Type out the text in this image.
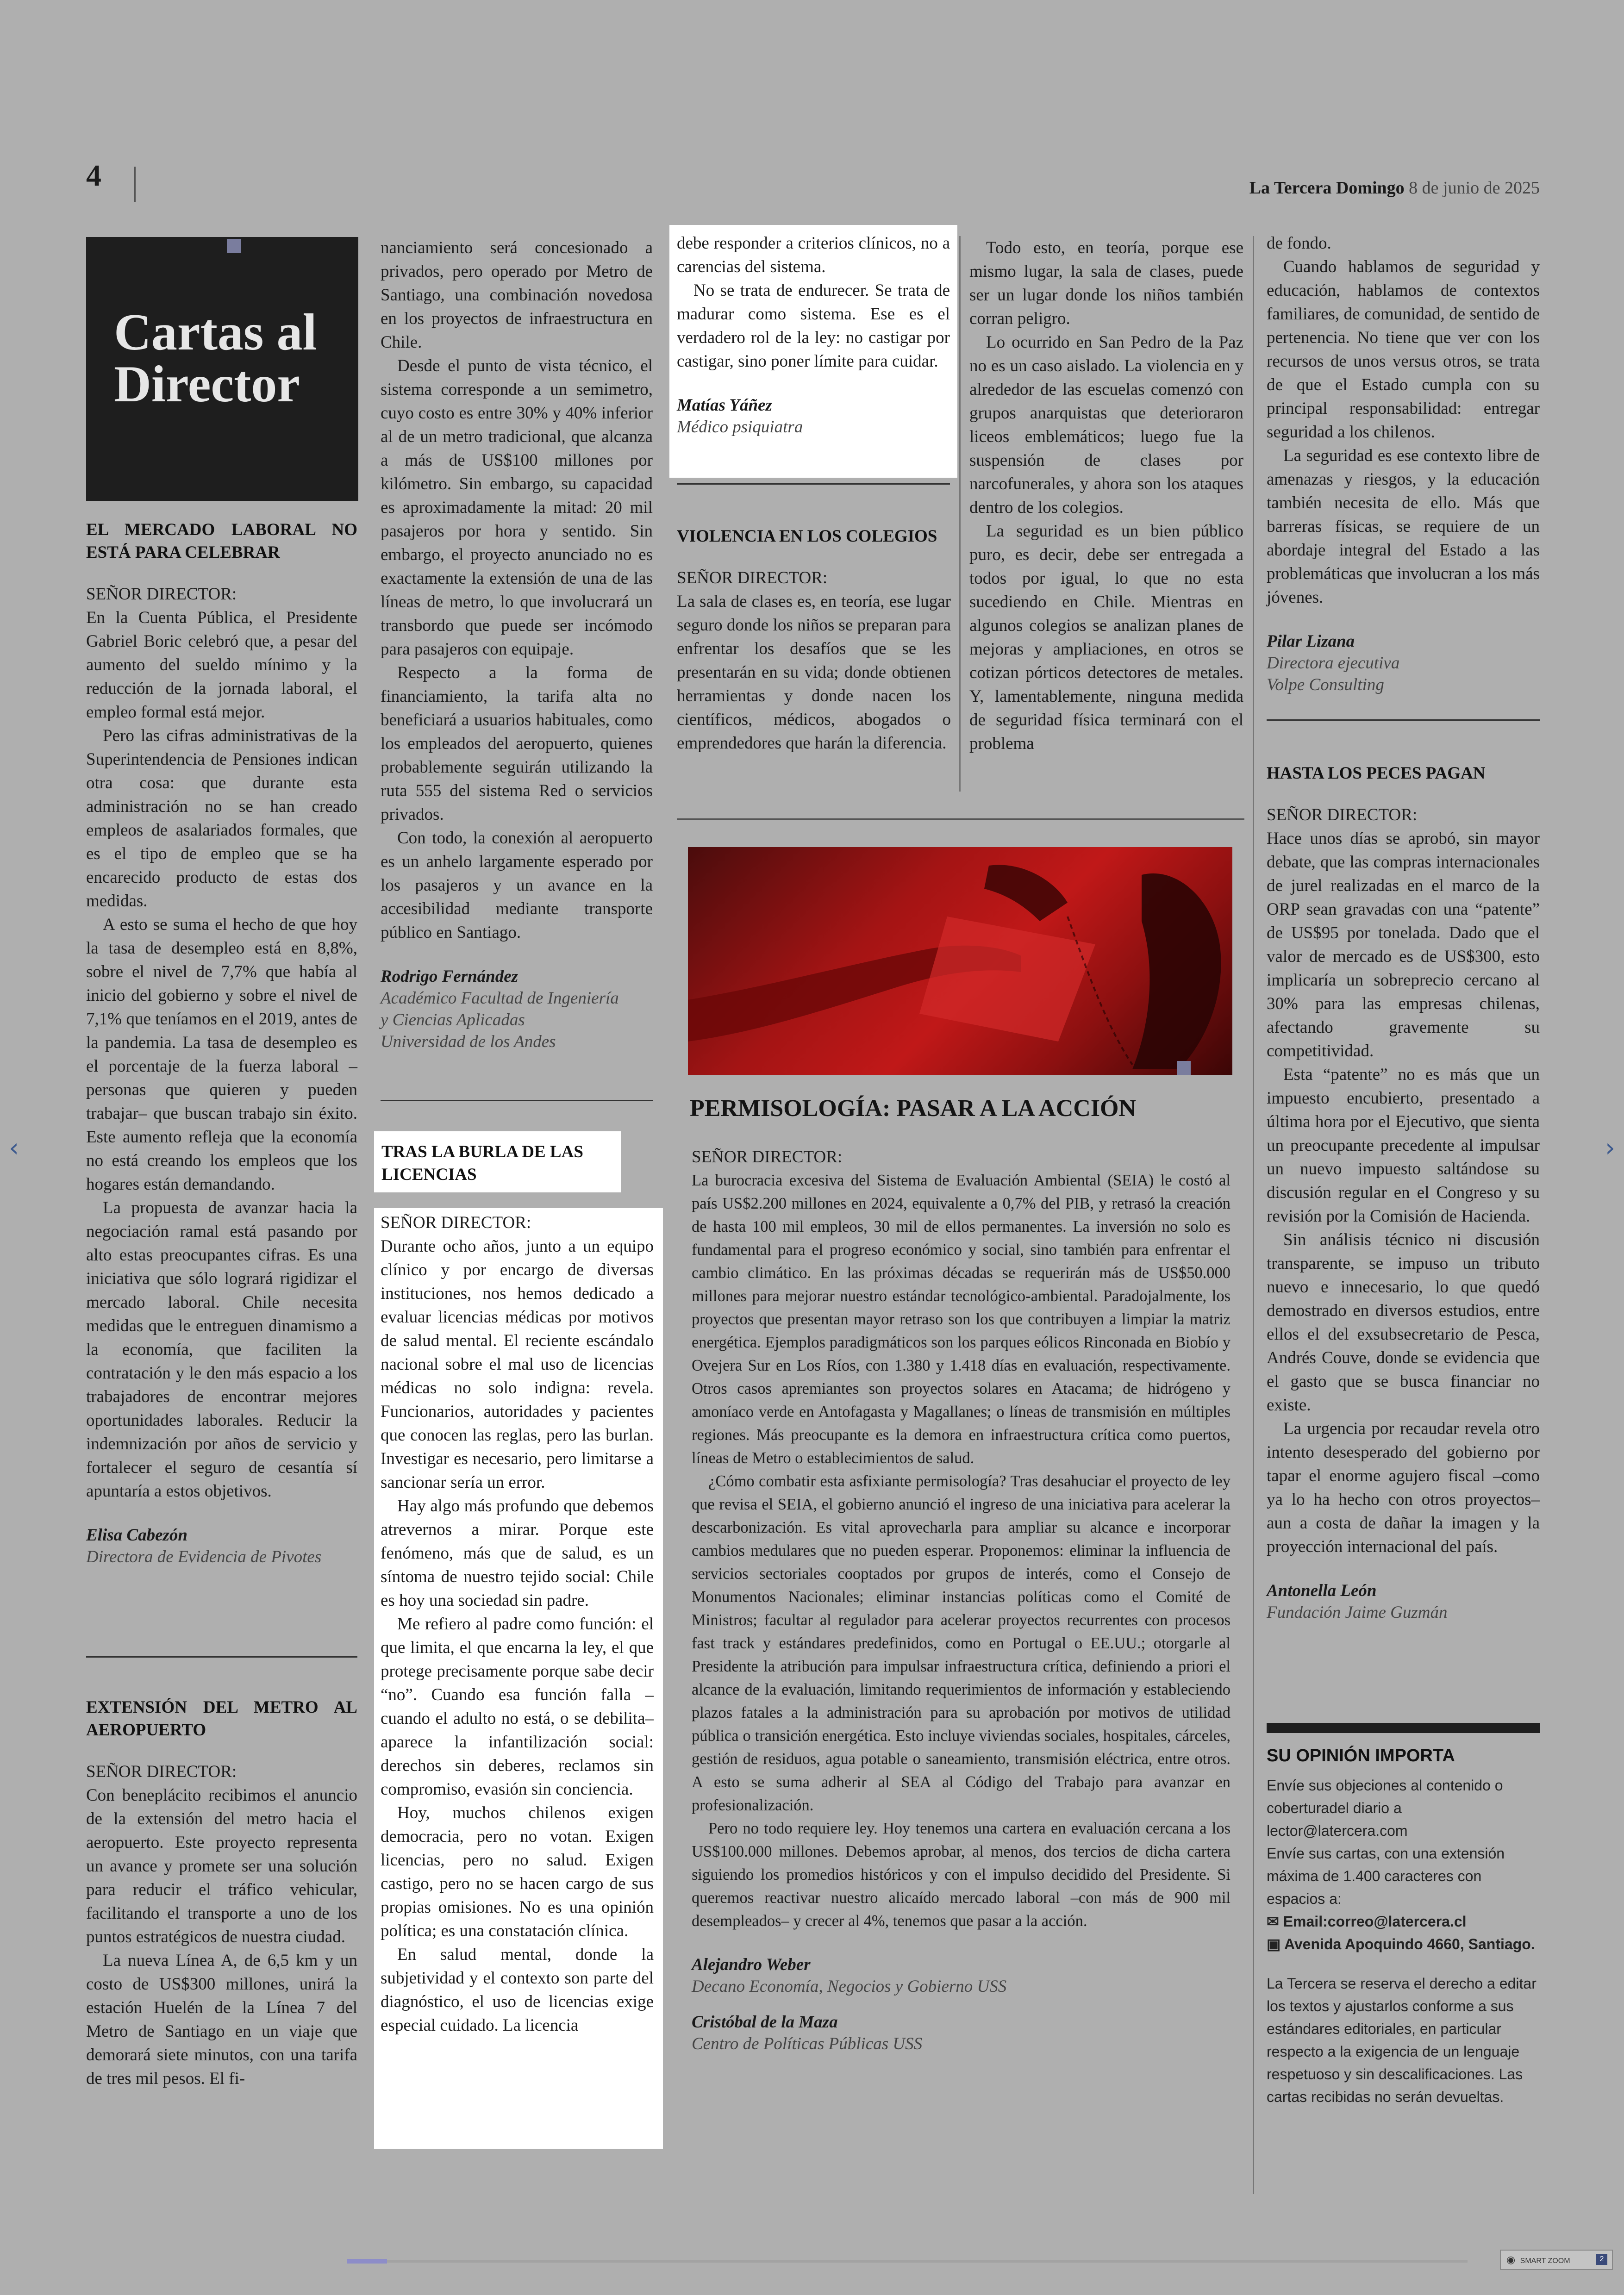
4	La Tercera Domingo 8 de junio de 2025
Cartas al Director
EL MERCADO LABORAL NO ESTÁ PARA CELEBRAR
SEÑOR DIRECTOR:

En la Cuenta Pública, el Presidente Gabriel Boric celebró que, a pesar del aumento del sueldo mínimo y la reducción de la jornada laboral, el empleo formal está mejor.

Pero las cifras administrativas de la Superintendencia de Pensiones indican otra cosa: que durante esta administración no se han creado empleos de asalariados formales, que es el tipo de empleo que se ha encarecido producto de estas dos medidas.

A esto se suma el hecho de que hoy la tasa de desempleo está en 8,8%, sobre el nivel de 7,7% que había al inicio del gobierno y sobre el nivel de 7,1% que teníamos en el 2019, antes de la pandemia. La tasa de desempleo es el porcentaje de la fuerza laboral –personas que quieren y pueden trabajar– que buscan trabajo sin éxito. Este aumento refleja que la economía no está creando los empleos que los hogares están demandando.

La propuesta de avanzar hacia la negociación ramal está pasando por alto estas preocupantes cifras. Es una iniciativa que sólo logrará rigidizar el mercado laboral. Chile necesita medidas que le entreguen dinamismo a la economía, que faciliten la contratación y le den más espacio a los trabajadores de encontrar mejores oportunidades laborales. Reducir la indemnización por años de servicio y fortalecer el seguro de cesantía sí apuntaría a estos objetivos.

Elisa Cabezón
Directora de Evidencia de Pivotes
EXTENSIÓN DEL METRO AL AEROPUERTO
SEÑOR DIRECTOR:

Con beneplácito recibimos el anuncio de la extensión del metro hacia el aeropuerto. Este proyecto representa un avance y promete ser una solución para reducir el tráfico vehicular, facilitando el transporte a uno de los puntos estratégicos de nuestra ciudad.

La nueva Línea A, de 6,5 km y un costo de US$300 millones, unirá la estación Huelén de la Línea 7 del Metro de Santiago en un viaje que demorará siete minutos, con una tarifa de tres mil pesos. El fi-

nanciamiento será concesionado a privados, pero operado por Metro de Santiago, una combinación novedosa en los proyectos de infraestructura en Chile.

Desde el punto de vista técnico, el sistema corresponde a un semimetro, cuyo costo es entre 30% y 40% inferior al de un metro tradicional, que alcanza a más de US$100 millones por kilómetro. Sin embargo, su capacidad es aproximadamente la mitad: 20 mil pasajeros por hora y sentido. Sin embargo, el proyecto anunciado no es exactamente la extensión de una de las líneas de metro, lo que involucrará un transbordo que puede ser incómodo para pasajeros con equipaje.

Respecto a la forma de financiamiento, la tarifa alta no beneficiará a usuarios habituales, como los empleados del aeropuerto, quienes probablemente seguirán utilizando la ruta 555 del sistema Red o servicios privados.

Con todo, la conexión al aeropuerto es un anhelo largamente esperado por los pasajeros y un avance en la accesibilidad mediante transporte público en Santiago.

Rodrigo Fernández
Académico Facultad de Ingeniería
y Ciencias Aplicadas
Universidad de los Andes
TRAS LA BURLA DE LAS LICENCIAS
SEÑOR DIRECTOR:

Durante ocho años, junto a un equipo clínico y por encargo de diversas instituciones, nos hemos dedicado a evaluar licencias médicas por motivos de salud mental. El reciente escándalo nacional sobre el mal uso de licencias médicas no solo indigna: revela. Funcionarios, autoridades y pacientes que conocen las reglas, pero las burlan. Investigar es necesario, pero limitarse a sancionar sería un error.

Hay algo más profundo que debemos atrevernos a mirar. Porque este fenómeno, más que de salud, es un síntoma de nuestro tejido social: Chile es hoy una sociedad sin padre.

Me refiero al padre como función: el que limita, el que encarna la ley, el que protege precisamente porque sabe decir “no”. Cuando esa función falla –cuando el adulto no está, o se debilita– aparece la infantilización social: derechos sin deberes, reclamos sin compromiso, evasión sin conciencia.

Hoy, muchos chilenos exigen democracia, pero no votan. Exigen licencias, pero no salud. Exigen castigo, pero no se hacen cargo de sus propias omisiones. No es una opinión política; es una constatación clínica.

En salud mental, donde la subjetividad y el contexto son parte del diagnóstico, el uso de licencias exige especial cuidado. La licencia

debe responder a criterios clínicos, no a carencias del sistema.

No se trata de endurecer. Se trata de madurar como sistema. Ese es el verdadero rol de la ley: no castigar por castigar, sino poner límite para cuidar.

Matías Yáñez
Médico psiquiatra
VIOLENCIA EN LOS COLEGIOS
SEÑOR DIRECTOR:

La sala de clases es, en teoría, ese lugar seguro donde los niños se preparan para enfrentar los desafíos que se les presentarán en su vida; donde obtienen herramientas y donde nacen los científicos, médicos, abogados o emprendedores que harán la diferencia.

Todo esto, en teoría, porque ese mismo lugar, la sala de clases, puede ser un lugar donde los niños también corran peligro.

Lo ocurrido en San Pedro de la Paz no es un caso aislado. La violencia en y alrededor de las escuelas comenzó con grupos anarquistas que deterioraron liceos emblemáticos; luego fue la suspensión de clases por narcofunerales, y ahora son los ataques dentro de los colegios.

La seguridad es un bien público puro, es decir, debe ser entregada a todos por igual, lo que no esta sucediendo en Chile. Mientras en algunos colegios se analizan planes de mejoras y ampliaciones, en otros se cotizan pórticos detectores de metales. Y, lamentablemente, ninguna medida de seguridad física terminará con el problema

PERMISOLOGÍA: PASAR A LA ACCIÓN
SEÑOR DIRECTOR:

La burocracia excesiva del Sistema de Evaluación Ambiental (SEIA) le costó al país US$2.200 millones en 2024, equivalente a 0,7% del PIB, y retrasó la creación de hasta 100 mil empleos, 30 mil de ellos permanentes. La inversión no solo es fundamental para el progreso económico y social, sino también para enfrentar el cambio climático. En las próximas décadas se requerirán más de US$50.000 millones para mejorar nuestro estándar tecnológico-ambiental. Paradojalmente, los proyectos que presentan mayor retraso son los que contribuyen a limpiar la matriz energética. Ejemplos paradigmáticos son los parques eólicos Rinconada en Biobío y Ovejera Sur en Los Ríos, con 1.380 y 1.418 días en evaluación, respectivamente. Otros casos apremiantes son proyectos solares en Atacama; de hidrógeno y amoníaco verde en Antofagasta y Magallanes; o líneas de transmisión en múltiples regiones. Más preocupante es la demora en infraestructura crítica como puertos, líneas de Metro o establecimientos de salud.

¿Cómo combatir esta asfixiante permisología? Tras desahuciar el proyecto de ley que revisa el SEIA, el gobierno anunció el ingreso de una iniciativa para acelerar la descarbonización. Es vital aprovecharla para ampliar su alcance e incorporar cambios medulares que no pueden esperar. Proponemos: eliminar la influencia de servicios sectoriales cooptados por grupos de interés, como el Consejo de Monumentos Nacionales; eliminar instancias políticas como el Comité de Ministros; facultar al regulador para acelerar proyectos recurrentes con procesos fast track y estándares predefinidos, como en Portugal o EE.UU.; otorgarle al Presidente la atribución para impulsar infraestructura crítica, definiendo a priori el alcance de la evaluación, limitando requerimientos de información y estableciendo plazos fatales a la administración para su aprobación por motivos de utilidad pública o transición energética. Esto incluye viviendas sociales, hospitales, cárceles, gestión de residuos, agua potable o saneamiento, transmisión eléctrica, entre otros. A esto se suma adherir al SEA al Código del Trabajo para avanzar en profesionalización.

Pero no todo requiere ley. Hoy tenemos una cartera en evaluación cercana a los US$100.000 millones. Debemos aprobar, al menos, dos tercios de dicha cartera siguiendo los promedios históricos y con el impulso decidido del Presidente. Si queremos reactivar nuestro alicaído mercado laboral –con más de 900 mil desempleados– y crecer al 4%, tenemos que pasar a la acción.

Alejandro Weber
Decano Economía, Negocios y Gobierno USS
Cristóbal de la Maza
Centro de Políticas Públicas USS

de fondo.

Cuando hablamos de seguridad y educación, hablamos de contextos familiares, de comunidad, de sentido de pertenencia. No tiene que ver con los recursos de unos versus otros, se trata de que el Estado cumpla con su principal responsabilidad: entregar seguridad a los chilenos.

La seguridad es ese contexto libre de amenazas y riesgos, y la educación también necesita de ello. Más que barreras físicas, se requiere de un abordaje integral del Estado a las problemáticas que involucran a los más jóvenes.

Pilar Lizana
Directora ejecutiva
Volpe Consulting
HASTA LOS PECES PAGAN
SEÑOR DIRECTOR:

Hace unos días se aprobó, sin mayor debate, que las compras internacionales de jurel realizadas en el marco de la ORP sean gravadas con una “patente” de US$95 por tonelada. Dado que el valor de mercado es de US$300, esto implicaría un sobreprecio cercano al 30% para las empresas chilenas, afectando gravemente su competitividad.

Esta “patente” no es más que un impuesto encubierto, presentado a última hora por el Ejecutivo, que sienta un preocupante precedente al impulsar un nuevo impuesto saltándose su discusión regular en el Congreso y su revisión por la Comisión de Hacienda.

Sin análisis técnico ni discusión transparente, se impuso un tributo nuevo e innecesario, lo que quedó demostrado en diversos estudios, entre ellos el del exsubsecretario de Pesca, Andrés Couve, donde se evidencia que el gasto que se busca financiar no existe.

La urgencia por recaudar revela otro intento desesperado del gobierno por tapar el enorme agujero fiscal –como ya lo ha hecho con otros proyectos– aun a costa de dañar la imagen y la proyección internacional del país.

Antonella León
Fundación Jaime Guzmán
SU OPINIÓN IMPORTA
Envíe sus objeciones al contenido o coberturadel diario a
lector@latercera.com
Envíe sus cartas, con una extensión máxima de 1.400 caracteres con espacios a:
✉ Email:correo@latercera.cl
▣ Avenida Apoquindo 4660, Santiago.
La Tercera se reserva el derecho a editar los textos y ajustarlos conforme a sus estándares editoriales, en particular respecto a la exigencia de un lenguaje respetuoso y sin descalificaciones. Las cartas recibidas no serán devueltas.
‹	›
◉ SMART ZOOM	2
